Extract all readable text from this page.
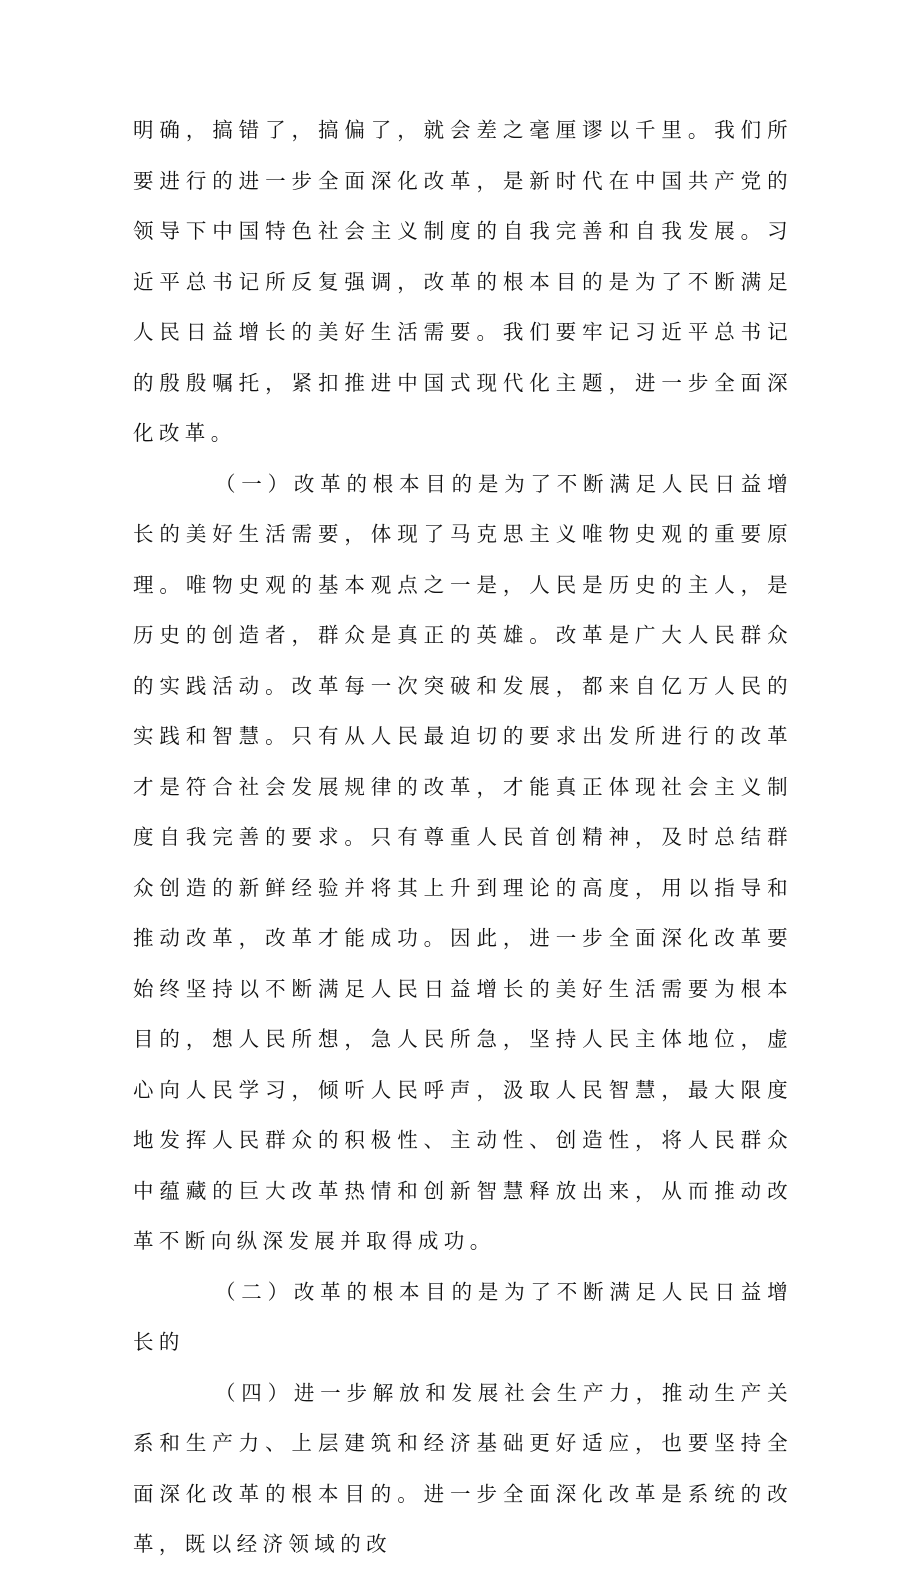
明确，搞错了，搞偏了，就会差之毫厘谬以千里。我们所要进行的进一步全面深化改革，是新时代在中国共产党的领导下中国特色社会主义制度的自我完善和自我发展。习近平总书记所反复强调，改革的根本目的是为了不断满足人民日益增长的美好生活需要。我们要牢记习近平总书记的殷殷嘱托，紧扣推进中国式现代化主题，进一步全面深化改革。

（一）改革的根本目的是为了不断满足人民日益增长的美好生活需要，体现了马克思主义唯物史观的重要原理。唯物史观的基本观点之一是，人民是历史的主人，是历史的创造者，群众是真正的英雄。改革是广大人民群众的实践活动。改革每一次突破和发展，都来自亿万人民的实践和智慧。只有从人民最迫切的要求出发所进行的改革才是符合社会发展规律的改革，才能真正体现社会主义制度自我完善的要求。只有尊重人民首创精神，及时总结群众创造的新鲜经验并将其上升到理论的高度，用以指导和推动改革，改革才能成功。因此，进一步全面深化改革要始终坚持以不断满足人民日益增长的美好生活需要为根本目的，想人民所想，急人民所急，坚持人民主体地位，虚心向人民学习，倾听人民呼声，汲取人民智慧，最大限度地发挥人民群众的积极性、主动性、创造性，将人民群众中蕴藏的巨大改革热情和创新智慧释放出来，从而推动改革不断向纵深发展并取得成功。

（二）改革的根本目的是为了不断满足人民日益增长的

（四）进一步解放和发展社会生产力，推动生产关系和生产力、上层建筑和经济基础更好适应，也要坚持全面深化改革的根本目的。进一步全面深化改革是系统的改革，既以经济领域的改
